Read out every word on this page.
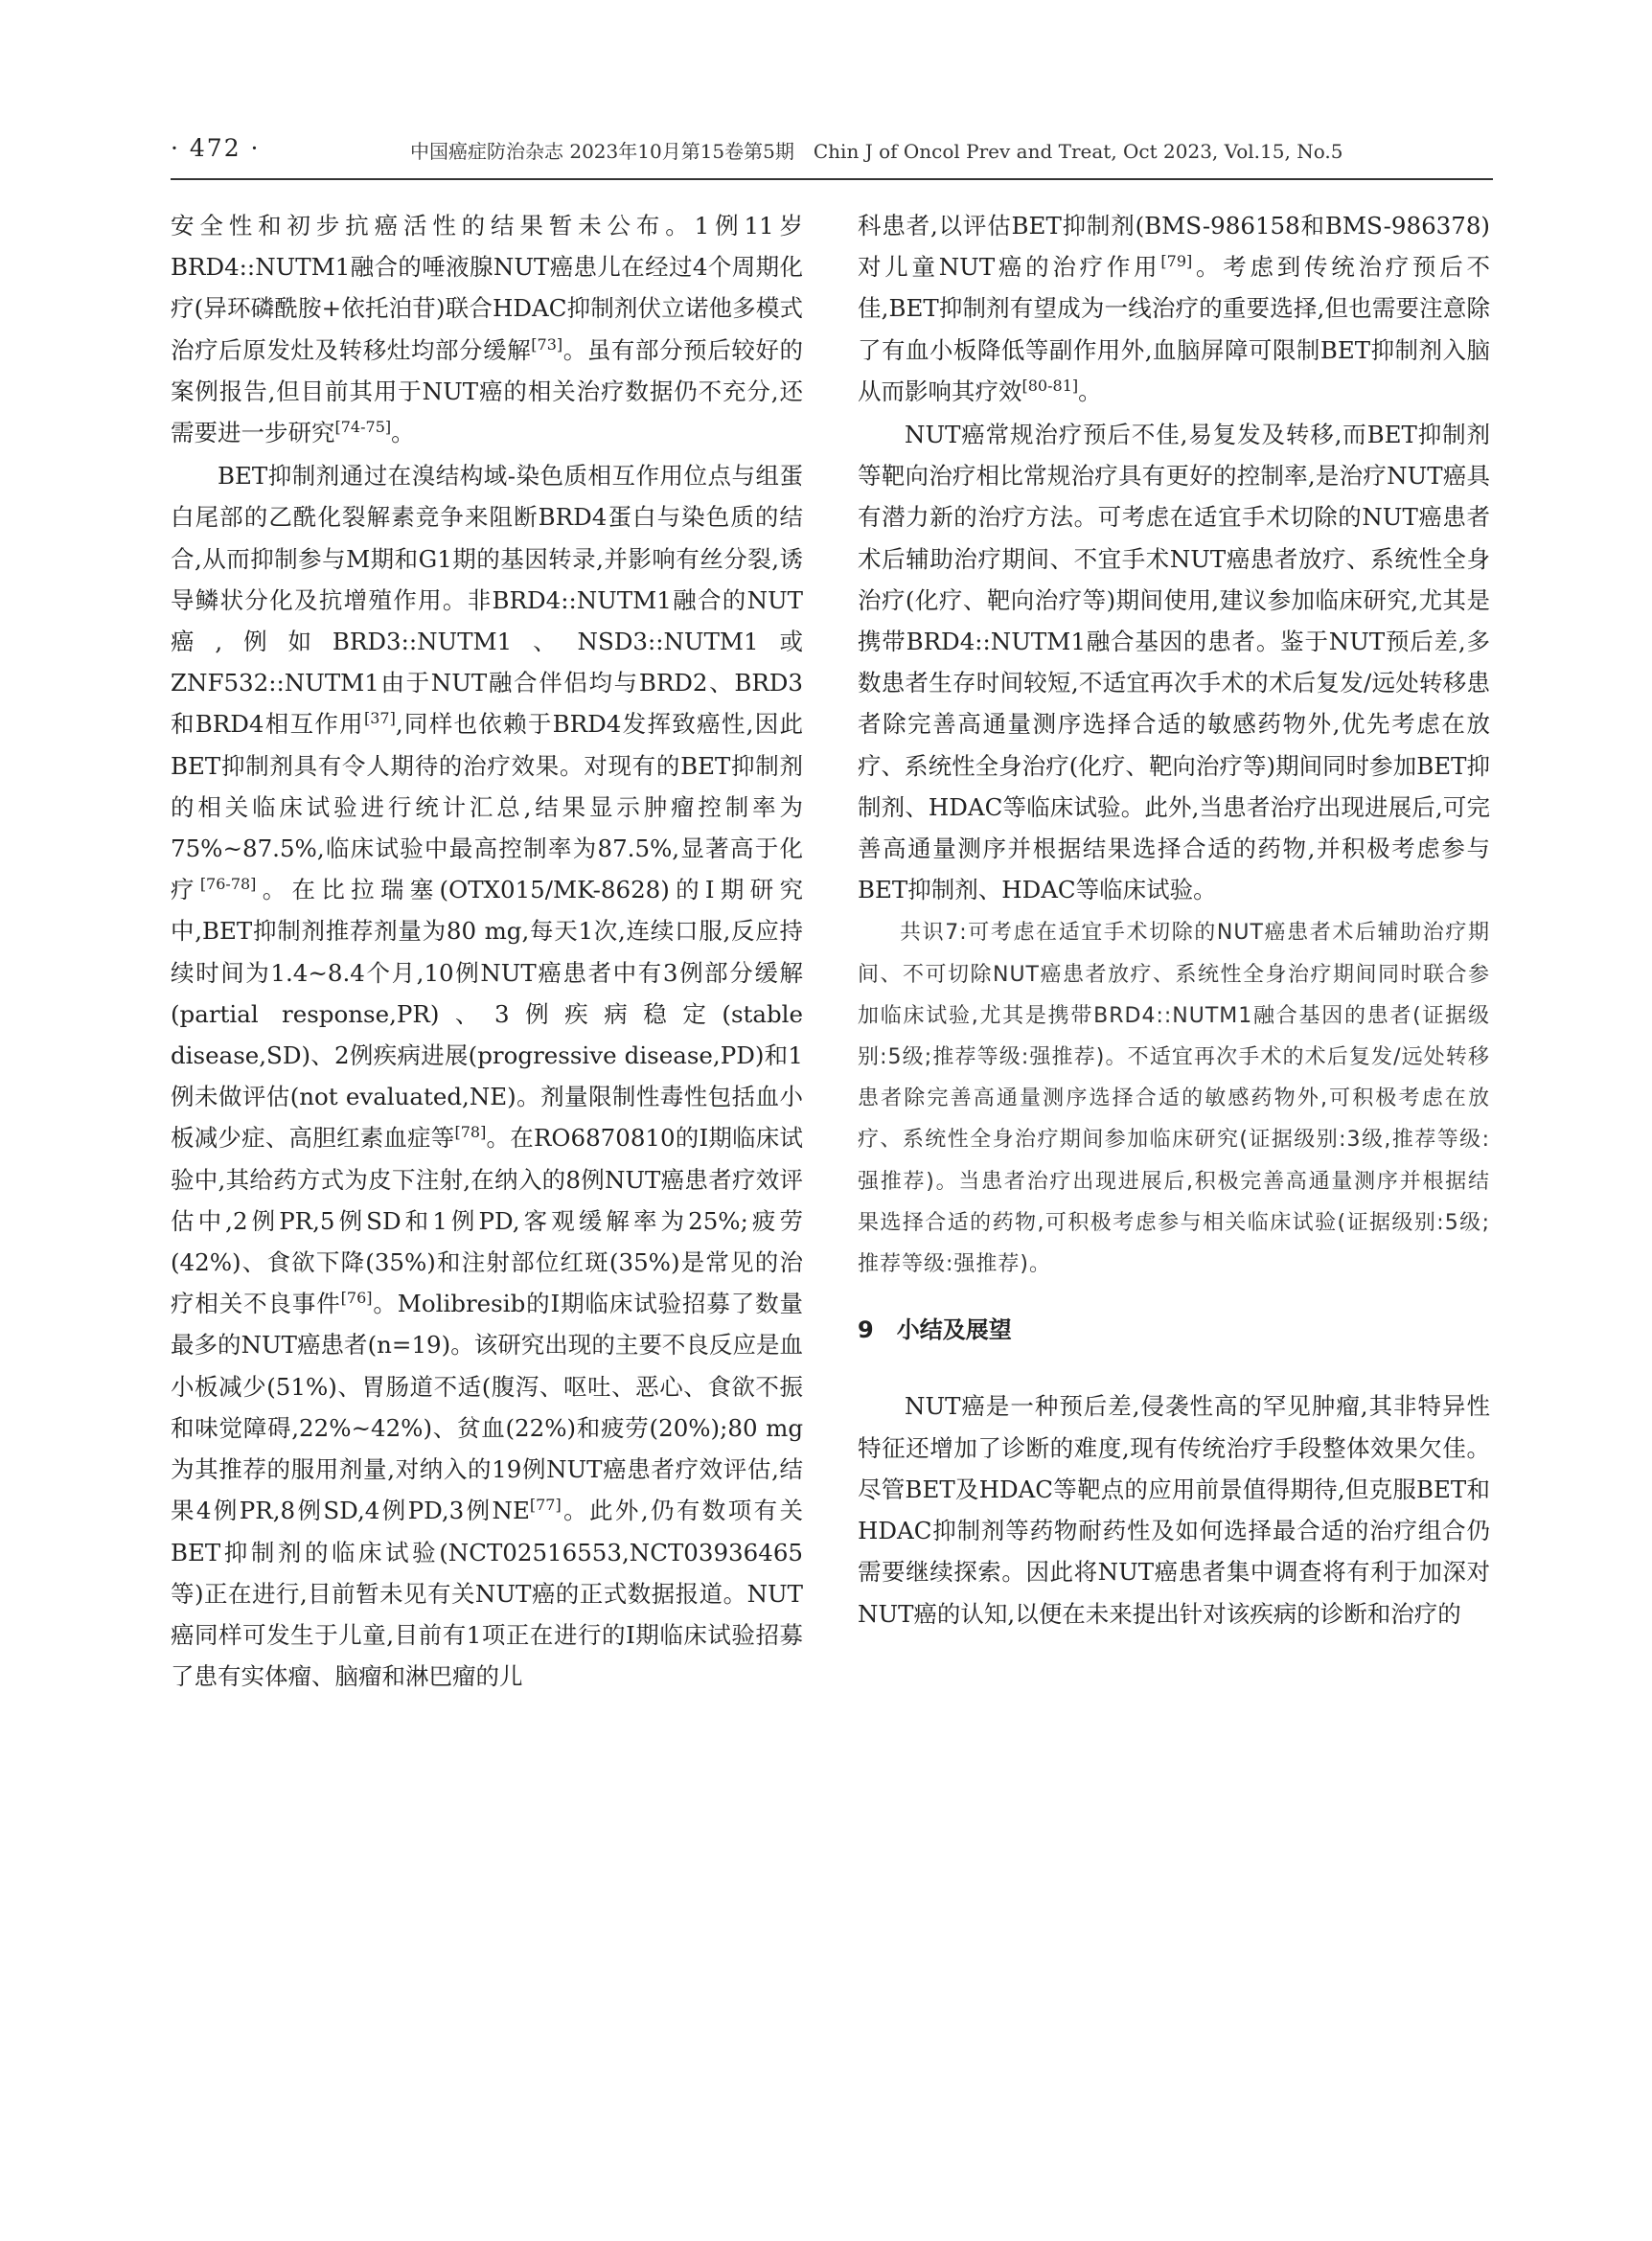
· 472 ·	中国癌症防治杂志 2023年10月第15卷第5期　Chin J of Oncol Prev and Treat, Oct 2023, Vol.15, No.5

安全性和初步抗癌活性的结果暂未公布。1例11岁BRD4::NUTM1融合的唾液腺NUT癌患儿在经过4个周期化疗(异环磷酰胺+依托泊苷)联合HDAC抑制剂伏立诺他多模式治疗后原发灶及转移灶均部分缓解[73]。虽有部分预后较好的案例报告,但目前其用于NUT癌的相关治疗数据仍不充分,还需要进一步研究[74-75]。

BET抑制剂通过在溴结构域-染色质相互作用位点与组蛋白尾部的乙酰化裂解素竞争来阻断BRD4蛋白与染色质的结合,从而抑制参与M期和G1期的基因转录,并影响有丝分裂,诱导鳞状分化及抗增殖作用。非BRD4::NUTM1融合的NUT癌,例如BRD3::NUTM1、NSD3::NUTM1或ZNF532::NUTM1由于NUT融合伴侣均与BRD2、BRD3和BRD4相互作用[37],同样也依赖于BRD4发挥致癌性,因此BET抑制剂具有令人期待的治疗效果。对现有的BET抑制剂的相关临床试验进行统计汇总,结果显示肿瘤控制率为75%~87.5%,临床试验中最高控制率为87.5%,显著高于化疗[76-78]。在比拉瑞塞(OTX015/MK-8628)的I期研究中,BET抑制剂推荐剂量为80 mg,每天1次,连续口服,反应持续时间为1.4~8.4个月,10例NUT癌患者中有3例部分缓解(partial response,PR)、3例疾病稳定(stable disease,SD)、2例疾病进展(progressive disease,PD)和1例未做评估(not evaluated,NE)。剂量限制性毒性包括血小板减少症、高胆红素血症等[78]。在RO6870810的Ⅰ期临床试验中,其给药方式为皮下注射,在纳入的8例NUT癌患者疗效评估中,2例PR,5例SD和1例PD,客观缓解率为25%;疲劳(42%)、食欲下降(35%)和注射部位红斑(35%)是常见的治疗相关不良事件[76]。Molibresib的I期临床试验招募了数量最多的NUT癌患者(n=19)。该研究出现的主要不良反应是血小板减少(51%)、胃肠道不适(腹泻、呕吐、恶心、食欲不振和味觉障碍,22%~42%)、贫血(22%)和疲劳(20%);80 mg为其推荐的服用剂量,对纳入的19例NUT癌患者疗效评估,结果4例PR,8例SD,4例PD,3例NE[77]。此外,仍有数项有关BET抑制剂的临床试验(NCT02516553,NCT03936465等)正在进行,目前暂未见有关NUT癌的正式数据报道。NUT癌同样可发生于儿童,目前有1项正在进行的I期临床试验招募了患有实体瘤、脑瘤和淋巴瘤的儿

科患者,以评估BET抑制剂(BMS-986158和BMS-986378)对儿童NUT癌的治疗作用[79]。考虑到传统治疗预后不佳,BET抑制剂有望成为一线治疗的重要选择,但也需要注意除了有血小板降低等副作用外,血脑屏障可限制BET抑制剂入脑从而影响其疗效[80-81]。

NUT癌常规治疗预后不佳,易复发及转移,而BET抑制剂等靶向治疗相比常规治疗具有更好的控制率,是治疗NUT癌具有潜力新的治疗方法。可考虑在适宜手术切除的NUT癌患者术后辅助治疗期间、不宜手术NUT癌患者放疗、系统性全身治疗(化疗、靶向治疗等)期间使用,建议参加临床研究,尤其是携带BRD4::NUTM1融合基因的患者。鉴于NUT预后差,多数患者生存时间较短,不适宜再次手术的术后复发/远处转移患者除完善高通量测序选择合适的敏感药物外,优先考虑在放疗、系统性全身治疗(化疗、靶向治疗等)期间同时参加BET抑制剂、HDAC等临床试验。此外,当患者治疗出现进展后,可完善高通量测序并根据结果选择合适的药物,并积极考虑参与BET抑制剂、HDAC等临床试验。

共识7:可考虑在适宜手术切除的NUT癌患者术后辅助治疗期间、不可切除NUT癌患者放疗、系统性全身治疗期间同时联合参加临床试验,尤其是携带BRD4::NUTM1融合基因的患者(证据级别:5级;推荐等级:强推荐)。不适宜再次手术的术后复发/远处转移患者除完善高通量测序选择合适的敏感药物外,可积极考虑在放疗、系统性全身治疗期间参加临床研究(证据级别:3级,推荐等级:强推荐)。当患者治疗出现进展后,积极完善高通量测序并根据结果选择合适的药物,可积极考虑参与相关临床试验(证据级别:5级;推荐等级:强推荐)。

9　小结及展望

NUT癌是一种预后差,侵袭性高的罕见肿瘤,其非特异性特征还增加了诊断的难度,现有传统治疗手段整体效果欠佳。尽管BET及HDAC等靶点的应用前景值得期待,但克服BET和HDAC抑制剂等药物耐药性及如何选择最合适的治疗组合仍需要继续探索。因此将NUT癌患者集中调查将有利于加深对NUT癌的认知,以便在未来提出针对该疾病的诊断和治疗的
